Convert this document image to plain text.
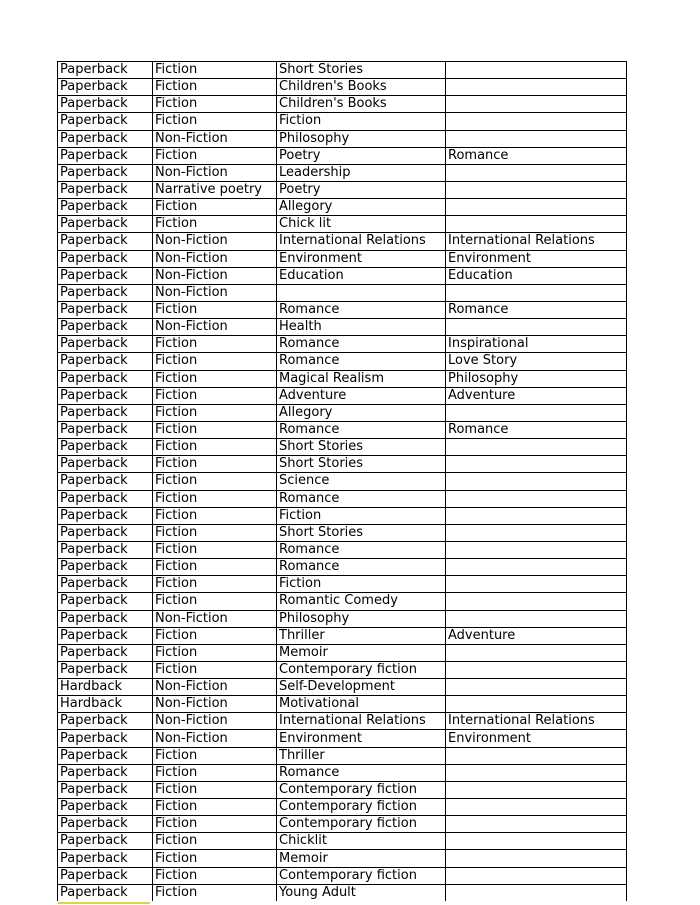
Paperback	Fiction	Short Stories	
Paperback	Fiction	Children's Books	
Paperback	Fiction	Children's Books	
Paperback	Fiction	Fiction	
Paperback	Non-Fiction	Philosophy	
Paperback	Fiction	Poetry	Romance
Paperback	Non-Fiction	Leadership	
Paperback	Narrative poetry	Poetry	
Paperback	Fiction	Allegory	
Paperback	Fiction	Chick lit	
Paperback	Non-Fiction	International Relations	International Relations
Paperback	Non-Fiction	Environment	Environment
Paperback	Non-Fiction	Education	Education
Paperback	Non-Fiction		
Paperback	Fiction	Romance	Romance
Paperback	Non-Fiction	Health	
Paperback	Fiction	Romance	Inspirational
Paperback	Fiction	Romance	Love Story
Paperback	Fiction	Magical Realism	Philosophy
Paperback	Fiction	Adventure	Adventure
Paperback	Fiction	Allegory	
Paperback	Fiction	Romance	Romance
Paperback	Fiction	Short Stories	
Paperback	Fiction	Short Stories	
Paperback	Fiction	Science	
Paperback	Fiction	Romance	
Paperback	Fiction	Fiction	
Paperback	Fiction	Short Stories	
Paperback	Fiction	Romance	
Paperback	Fiction	Romance	
Paperback	Fiction	Fiction	
Paperback	Fiction	Romantic Comedy	
Paperback	Non-Fiction	Philosophy	
Paperback	Fiction	Thriller	Adventure
Paperback	Fiction	Memoir	
Paperback	Fiction	Contemporary fiction	
Hardback	Non-Fiction	Self-Development	
Hardback	Non-Fiction	Motivational	
Paperback	Non-Fiction	International Relations	International Relations
Paperback	Non-Fiction	Environment	Environment
Paperback	Fiction	Thriller	
Paperback	Fiction	Romance	
Paperback	Fiction	Contemporary fiction	
Paperback	Fiction	Contemporary fiction	
Paperback	Fiction	Contemporary fiction	
Paperback	Fiction	Chicklit	
Paperback	Fiction	Memoir	
Paperback	Fiction	Contemporary fiction	
Paperback	Fiction	Young Adult	
